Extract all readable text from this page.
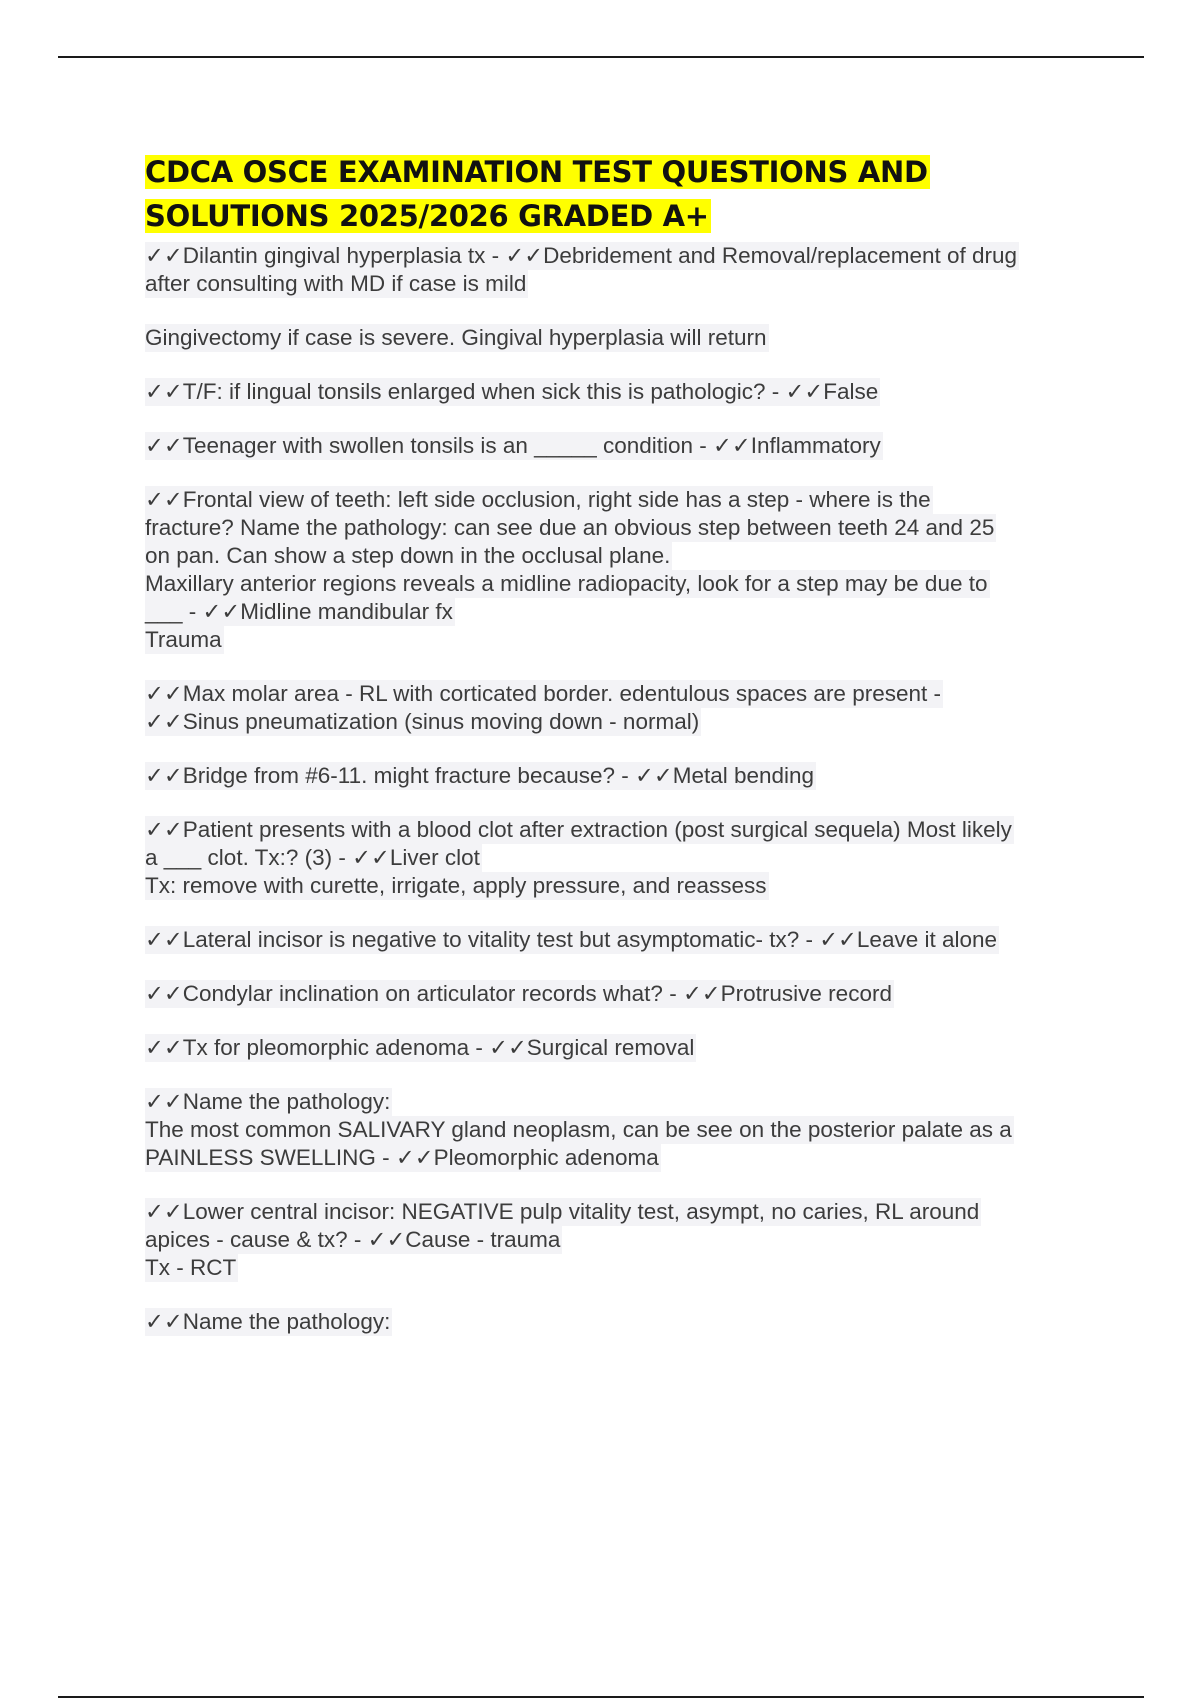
CDCA OSCE EXAMINATION TEST QUESTIONS AND
SOLUTIONS 2025/2026 GRADED A+
✓✓Dilantin gingival hyperplasia tx - ✓✓Debridement and Removal/replacement of drug
after consulting with MD if case is mild
Gingivectomy if case is severe. Gingival hyperplasia will return
✓✓T/F: if lingual tonsils enlarged when sick this is pathologic? - ✓✓False
✓✓Teenager with swollen tonsils is an _____ condition - ✓✓Inflammatory
✓✓Frontal view of teeth: left side occlusion, right side has a step - where is the
fracture? Name the pathology: can see due an obvious step between teeth 24 and 25
on pan. Can show a step down in the occlusal plane.
Maxillary anterior regions reveals a midline radiopacity, look for a step may be due to
___ - ✓✓Midline mandibular fx
Trauma
✓✓Max molar area - RL with corticated border. edentulous spaces are present -
✓✓Sinus pneumatization (sinus moving down - normal)
✓✓Bridge from #6-11. might fracture because? - ✓✓Metal bending
✓✓Patient presents with a blood clot after extraction (post surgical sequela) Most likely
a ___ clot. Tx:? (3) - ✓✓Liver clot
Tx: remove with curette, irrigate, apply pressure, and reassess
✓✓Lateral incisor is negative to vitality test but asymptomatic- tx? - ✓✓Leave it alone
✓✓Condylar inclination on articulator records what? - ✓✓Protrusive record
✓✓Tx for pleomorphic adenoma - ✓✓Surgical removal
✓✓Name the pathology:
The most common SALIVARY gland neoplasm, can be see on the posterior palate as a
PAINLESS SWELLING - ✓✓Pleomorphic adenoma
✓✓Lower central incisor: NEGATIVE pulp vitality test, asympt, no caries, RL around
apices - cause & tx? - ✓✓Cause - trauma
Tx - RCT
✓✓Name the pathology:
